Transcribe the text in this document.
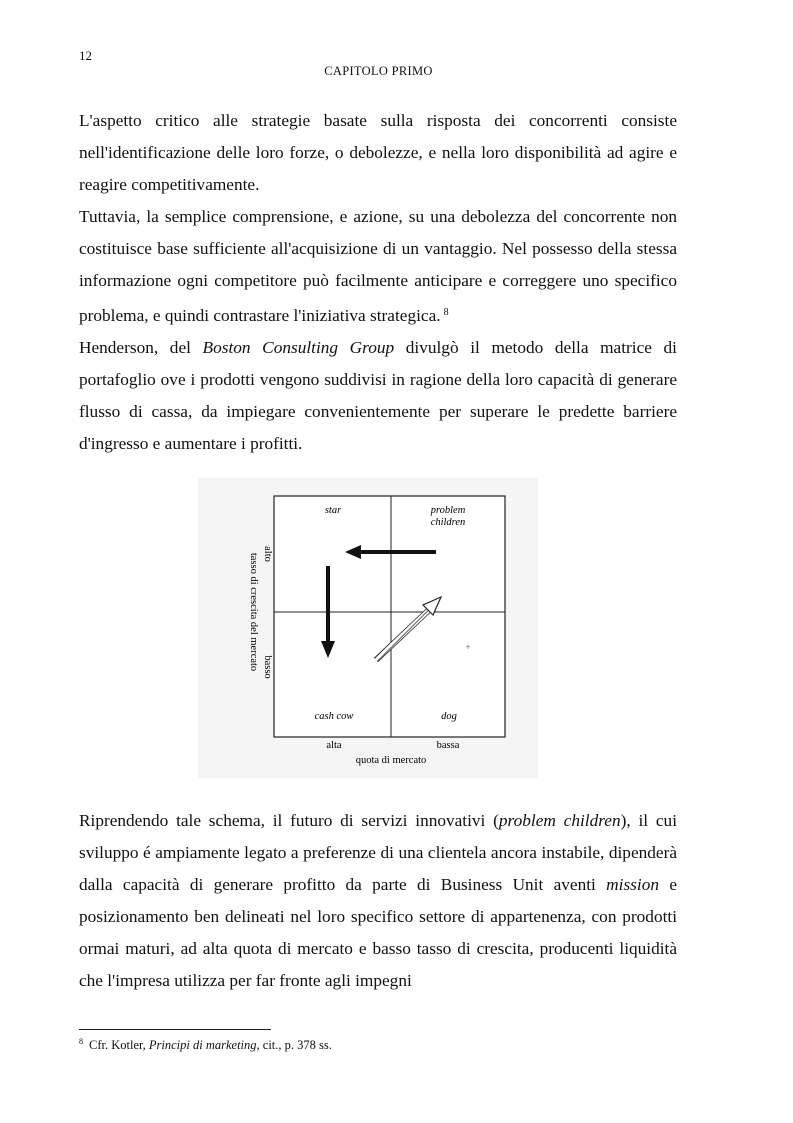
12
CAPITOLO PRIMO

L'aspetto critico alle strategie basate sulla risposta dei concorrenti consiste nell'identificazione delle loro forze, o debolezze, e nella loro disponibilità ad agire e reagire competitivamente.

Tuttavia, la semplice comprensione, e azione, su una debolezza del concorrente non costituisce base sufficiente all'acquisizione di un vantaggio. Nel possesso della stessa informazione ogni competitore può facilmente anticipare e correggere uno specifico problema, e quindi contrastare l'iniziativa strategica. $^8$

Henderson, del Boston Consulting Group divulgò il metodo della matrice di portafoglio ove i prodotti vengono suddivisi in ragione della loro capacità di generare flusso di cassa, da impiegare convenientemente per superare le predette barriere d'ingresso e aumentare i profitti.

star	problem
children
cash cow	dog
+
alta	bassa
quota di mercato
tasso di crescita del mercato alto
basso

Riprendendo tale schema, il futuro di servizi innovativi (problem children), il cui sviluppo é ampiamente legato a preferenze di una clientela ancora instabile, dipenderà dalla capacità di generare profitto da parte di Business Unit aventi mission e posizionamento ben delineati nel loro specifico settore di appartenenza, con prodotti ormai maturi, ad alta quota di mercato e basso tasso di crescita, producenti liquidità che l'impresa utilizza per far fronte agli impegni

$^8$ Cfr. Kotler, Principi di marketing, cit., p. 378 ss.
